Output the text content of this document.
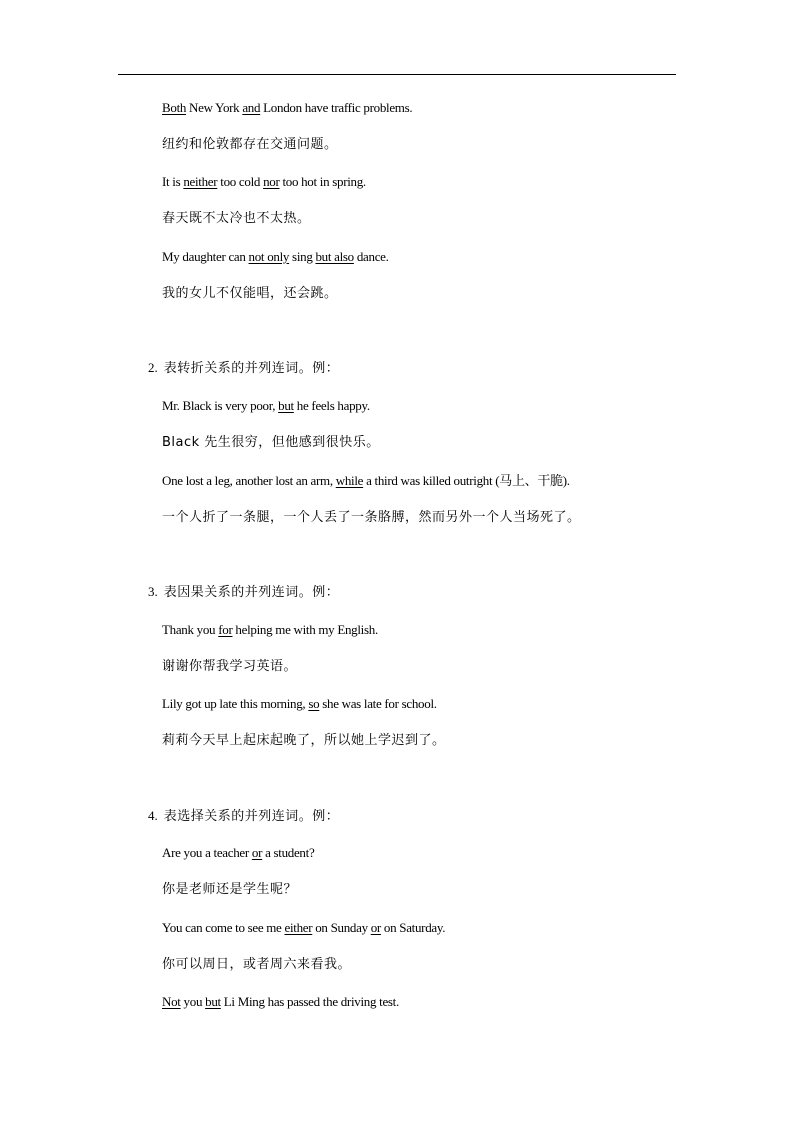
Both New York and London have traffic problems.
纽约和伦敦都存在交通问题。
It is neither too cold nor too hot in spring.
春天既不太冷也不太热。
My daughter can not only sing but also dance.
我的女儿不仅能唱，还会跳。
2. 表转折关系的并列连词。例：
Mr. Black is very poor, but he feels happy.
Black 先生很穷，但他感到很快乐。
One lost a leg, another lost an arm, while a third was killed outright (马上、干脆).
一个人折了一条腿，一个人丢了一条胳膊，然而另外一个人当场死了。
3. 表因果关系的并列连词。例：
Thank you for helping me with my English.
谢谢你帮我学习英语。
Lily got up late this morning, so she was late for school.
莉莉今天早上起床起晚了，所以她上学迟到了。
4. 表选择关系的并列连词。例：
Are you a teacher or a student?
你是老师还是学生呢？
You can come to see me either on Sunday or on Saturday.
你可以周日，或者周六来看我。
Not you but Li Ming has passed the driving test.
